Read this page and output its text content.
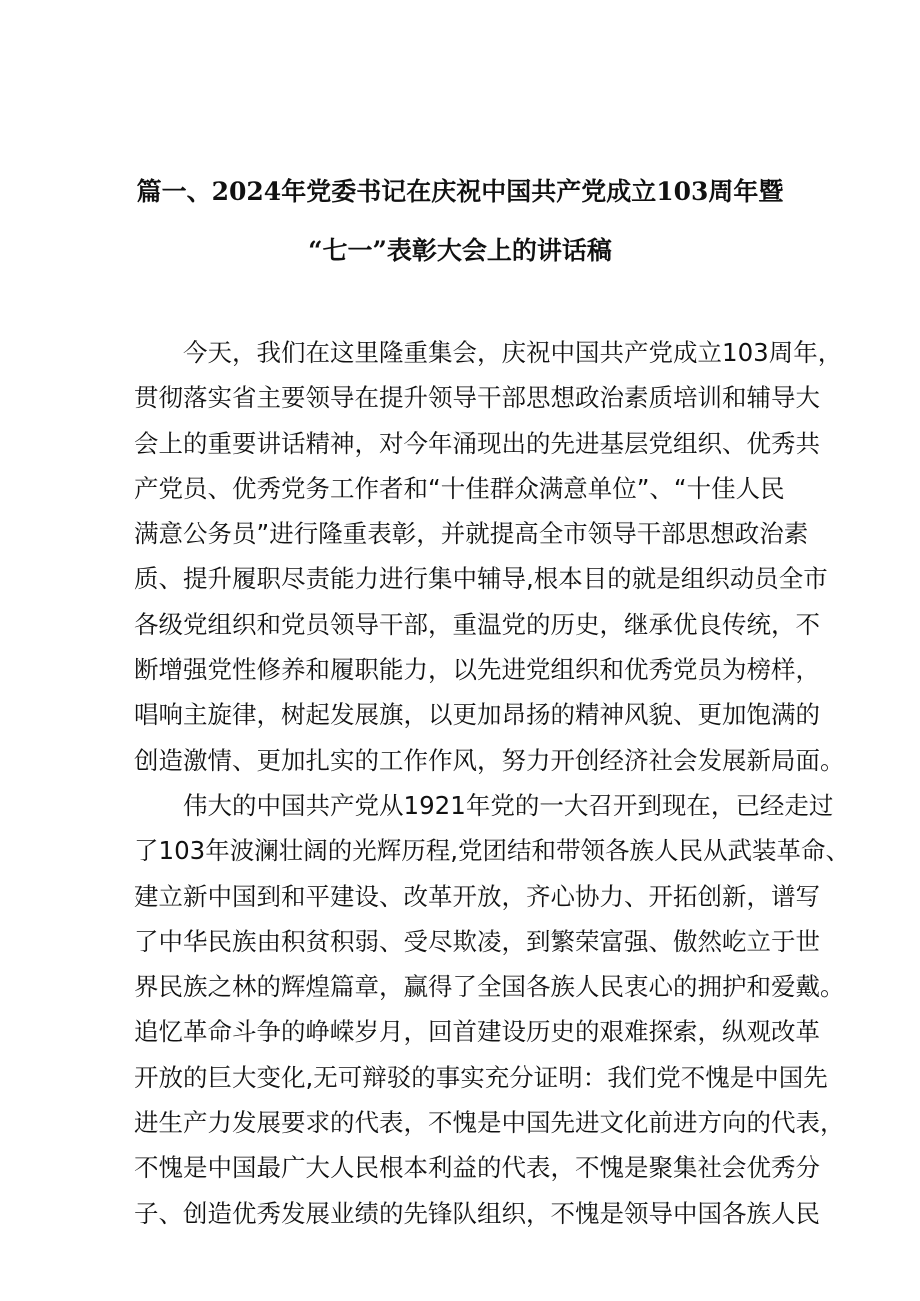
篇一、2024年党委书记在庆祝中国共产党成立103周年暨
“七一”表彰大会上的讲话稿
今天，我们在这里隆重集会，庆祝中国共产党成立103周年，
贯彻落实省主要领导在提升领导干部思想政治素质培训和辅导大
会上的重要讲话精神，对今年涌现出的先进基层党组织、优秀共
产党员、优秀党务工作者和“十佳群众满意单位”、“十佳人民
满意公务员”进行隆重表彰，并就提高全市领导干部思想政治素
质、提升履职尽责能力进行集中辅导,根本目的就是组织动员全市
各级党组织和党员领导干部，重温党的历史，继承优良传统，不
断增强党性修养和履职能力，以先进党组织和优秀党员为榜样，
唱响主旋律，树起发展旗，以更加昂扬的精神风貌、更加饱满的
创造激情、更加扎实的工作作风，努力开创经济社会发展新局面。
伟大的中国共产党从1921年党的一大召开到现在，已经走过
了103年波澜壮阔的光辉历程,党团结和带领各族人民从武装革命、
建立新中国到和平建设、改革开放，齐心协力、开拓创新，谱写
了中华民族由积贫积弱、受尽欺凌，到繁荣富强、傲然屹立于世
界民族之林的辉煌篇章，赢得了全国各族人民衷心的拥护和爱戴。
追忆革命斗争的峥嵘岁月，回首建设历史的艰难探索，纵观改革
开放的巨大变化,无可辩驳的事实充分证明：我们党不愧是中国先
进生产力发展要求的代表，不愧是中国先进文化前进方向的代表，
不愧是中国最广大人民根本利益的代表，不愧是聚集社会优秀分
子、创造优秀发展业绩的先锋队组织，不愧是领导中国各族人民
